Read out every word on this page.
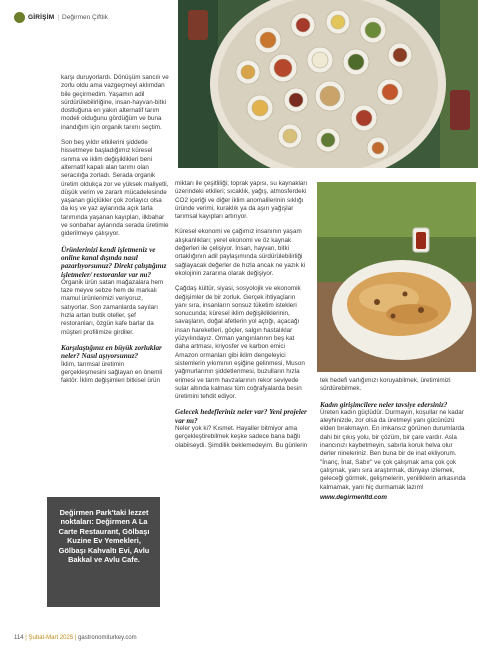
GİRİŞİM | Değirmen Çiftlik

karşı duruyorlardı. Dönüşüm sancılı ve zorlu oldu ama vazgeçmeyi aklımdan bile geçirmedim. Yaşamın adil sürdürülebilirliğine, insan-hayvan-bitki dostluğuna en yakın alternatif tarım modeli olduğunu gördüğüm ve buna inandığım için organik tarımı seçtim.

Son beş yıldır etkilerini şiddetle hissetmeye başladığımız küresel ısınma ve iklim değişiklikleri beni alternatif kapalı alan tarımı olan seracılığa zorladı. Serada organik üretim oldukça zor ve yüksek maliyetli, düşük verim ve zararlı mücadelesinde yaşanan güçlükler çok zorlayıcı olsa da kış ve yaz aylarında açık tarla tarımında yaşanan kayıpları, ilkbahar ve sonbahar aylarında serada üretimle giderilmeye çalışıyor.

Ürünlerinizi kendi işletmeniz ve online kanal dışında nasıl pazarlıyorsunuz? Direkt çalıştığınız işletmeler/ restoranlar var mı?

Organik ürün satan mağazalara hem taze meyve sebze hem de markalı mamul ürünlerimizi veriyoruz, satıyorlar. Son zamanlarda sayıları hızla artan butik oteller, şef restoranları, özgün kafe barlar da müşteri profilimize girdiler.

Karşılaştığınız en büyük zorluklar neler? Nasıl aşıyorsunuz?

İklim, tarımsal üretimin gerçekleşmesini sağlayan en önemli faktör. İklim değişimleri bitkisel ürün

miktarı ile çeşitliliği; toprak yapısı, su kaynakları üzerindeki etkileri; sıcaklık, yağış, atmosferdeki CO2 içeriği ve diğer iklim anomalilerinin sıklığı üründe verimi, kuraklık ya da aşırı yağışlar tarımsal kayıpları artırıyor.

Küresel ekonomi ve çağımız insanının yaşam alışkanlıkları; yerel ekonomi ve öz kaynak değerleri ile çelişiyor. İnsan, hayvan, bitki ortaklığının adil paylaşımında sürdürülebilirliği sağlayacak değerler de hızla ancak ne yazık ki ekolojinin zararına olarak değişiyor.

Çağdaş kültür, siyasi, sosyolojik ve ekonomik değişimler de bir zorluk. Gerçek ihtiyaçların yanı sıra, insanların sonsuz tüketim istekleri sonucunda; küresel iklim değişikliklerinin, savaşların, doğal afetlerin yol açtığı, açacağı insan hareketleri, göçler, salgın hastalıklar yüzyılındayız. Orman yangınlarının beş kat daha artması, kriyosfer ve karbon emici Amazon ormanları gibi iklim dengeleyici sistemlerin yıkımının eşiğine gelinmesi, Muson yağmurlarının şiddetlenmesi, buzulların hızla erimesi ve tarım havzalarının rekor seviyede sular altında kalması tüm coğrafyalarda besin üretimini tehdit ediyor.

Gelecek hedefleriniz neler var? Yeni projeler var mı?

Neler yok ki? Kısmet. Hayaller bitmiyor ama gerçekleştirebilmek keşke sadece bana bağlı olabilseydi. Şimdilik beklemedeyim. Bu günlerin

tek hedefi varlığımızı koruyabilmek, üretimimizi sürdürebilmek.

Kadın girişimcilere neler tavsiye edersiniz?

Üreten kadın güçlüdür. Durmayın, koşullar ne kadar aleyhinizde, zor olsa da üretmeyi yanı gücünüzü elden bırakmayın. En imkansız görünen durumlarda dahi bir çıkış yolu, bir çözüm, bir çare vardır. Asla inancınızı kaybetmeyin, sabırla koruk helva olur derler nineleriniz. Ben buna bir de inat ekliyorum. "İnanç, İnat, Sabır" ve çok çalışmak ama çok çok çalışmak, yanı sıra araştırmak, dünyayı izlemek, geleceği görmek, gelişmelerin, yeniliklerin arkasında kalmamak, yani hiç durmamak lazım!

www.degirmenltd.com
Değirmen Park'taki lezzet noktaları: Değirmen A La Carte Restaurant, Gölbaşı Kuzine Ev Yemekleri, Gölbaşı Kahvaltı Evi, Avlu Bakkal ve Avlu Cafe.
114 | Şubat-Mart 2025 | gastronomiturkey.com
